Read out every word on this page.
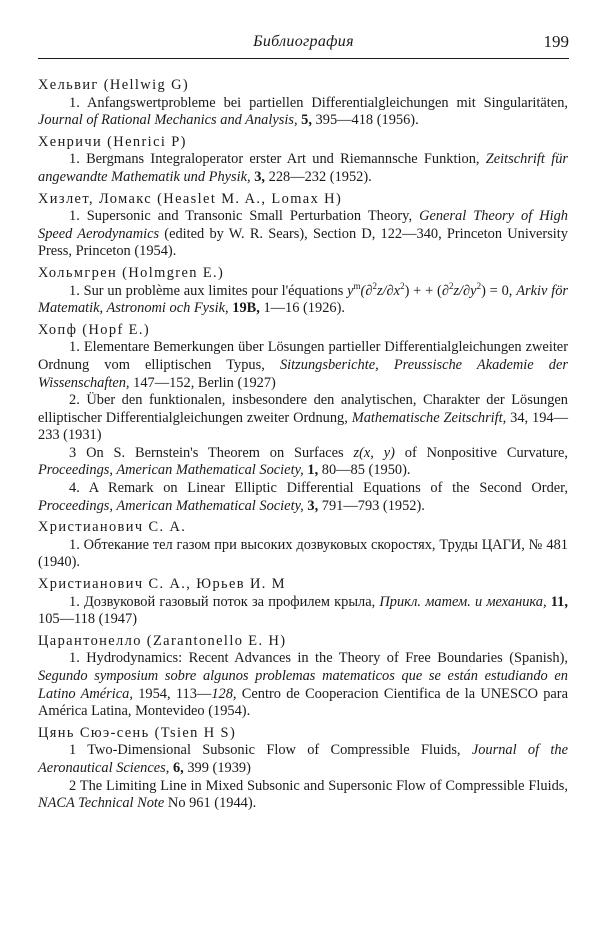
Библиография	199
Хельвиг (Hellwig G)
1. Anfangswertprobleme bei partiellen Differentialgleichungen mit Singularitäten, Journal of Rational Mechanics and Analysis, 5, 395—418 (1956).
Хенричи (Henrici P)
1. Bergmans Integraloperator erster Art und Riemannsche Funktion, Zeitschrift für angewandte Mathematik und Physik, 3, 228—232 (1952).
Хизлет, Ломакс (Heaslet M. A., Lomax H)
1. Supersonic and Transonic Small Perturbation Theory, General Theory of High Speed Aerodynamics (edited by W. R. Sears), Section D, 122—340, Princeton University Press, Princeton (1954).
Хольмгрен (Holmgren E.)
1. Sur un problème aux limites pour l'équations $y^m(\partial^2z/\partial x^2)$ + + $(\partial^2z/\partial y^2) = 0$, Arkiv för Matematik, Astronomi och Fysik, 19B, 1—16 (1926).
Хопф (Hopf E.)
1. Elementare Bemerkungen über Lösungen partieller Differentialgleichungen zweiter Ordnung vom elliptischen Typus, Sitzungsberichte, Preussische Akademie der Wissenschaften, 147—152, Berlin (1927)
2. Über den funktionalen, insbesondere den analytischen, Charakter der Lösungen elliptischer Differentialgleichungen zweiter Ordnung, Mathematische Zeitschrift, 34, 194—233 (1931)
3 On S. Bernstein's Theorem on Surfaces z(x, y) of Nonpositive Curvature, Proceedings, American Mathematical Society, 1, 80—85 (1950).
4. A Remark on Linear Elliptic Differential Equations of the Second Order, Proceedings, American Mathematical Society, 3, 791—793 (1952).
Христианович С. А.
1. Обтекание тел газом при высоких дозвуковых скоростях, Труды ЦАГИ, № 481 (1940).
Христианович С. А., Юрьев И. М
1. Дозвуковой газовый поток за профилем крыла, Прикл. матем. и механика, 11, 105—118 (1947)
Царантонелло (Zarantonello E. H)
1. Hydrodynamics: Recent Advances in the Theory of Free Boundaries (Spanish), Segundo symposium sobre algunos problemas matematicos que se están estudiando en Latino América, 1954, 113—128, Centro de Cooperacion Cientifica de la UNESCO para América Latina, Montevideo (1954).
Цянь Сюэ-сень (Tsien H S)
1 Two-Dimensional Subsonic Flow of Compressible Fluids, Journal of the Aeronautical Sciences, 6, 399 (1939)
2 The Limiting Line in Mixed Subsonic and Supersonic Flow of Compressible Fluids, NACA Technical Note No 961 (1944).
